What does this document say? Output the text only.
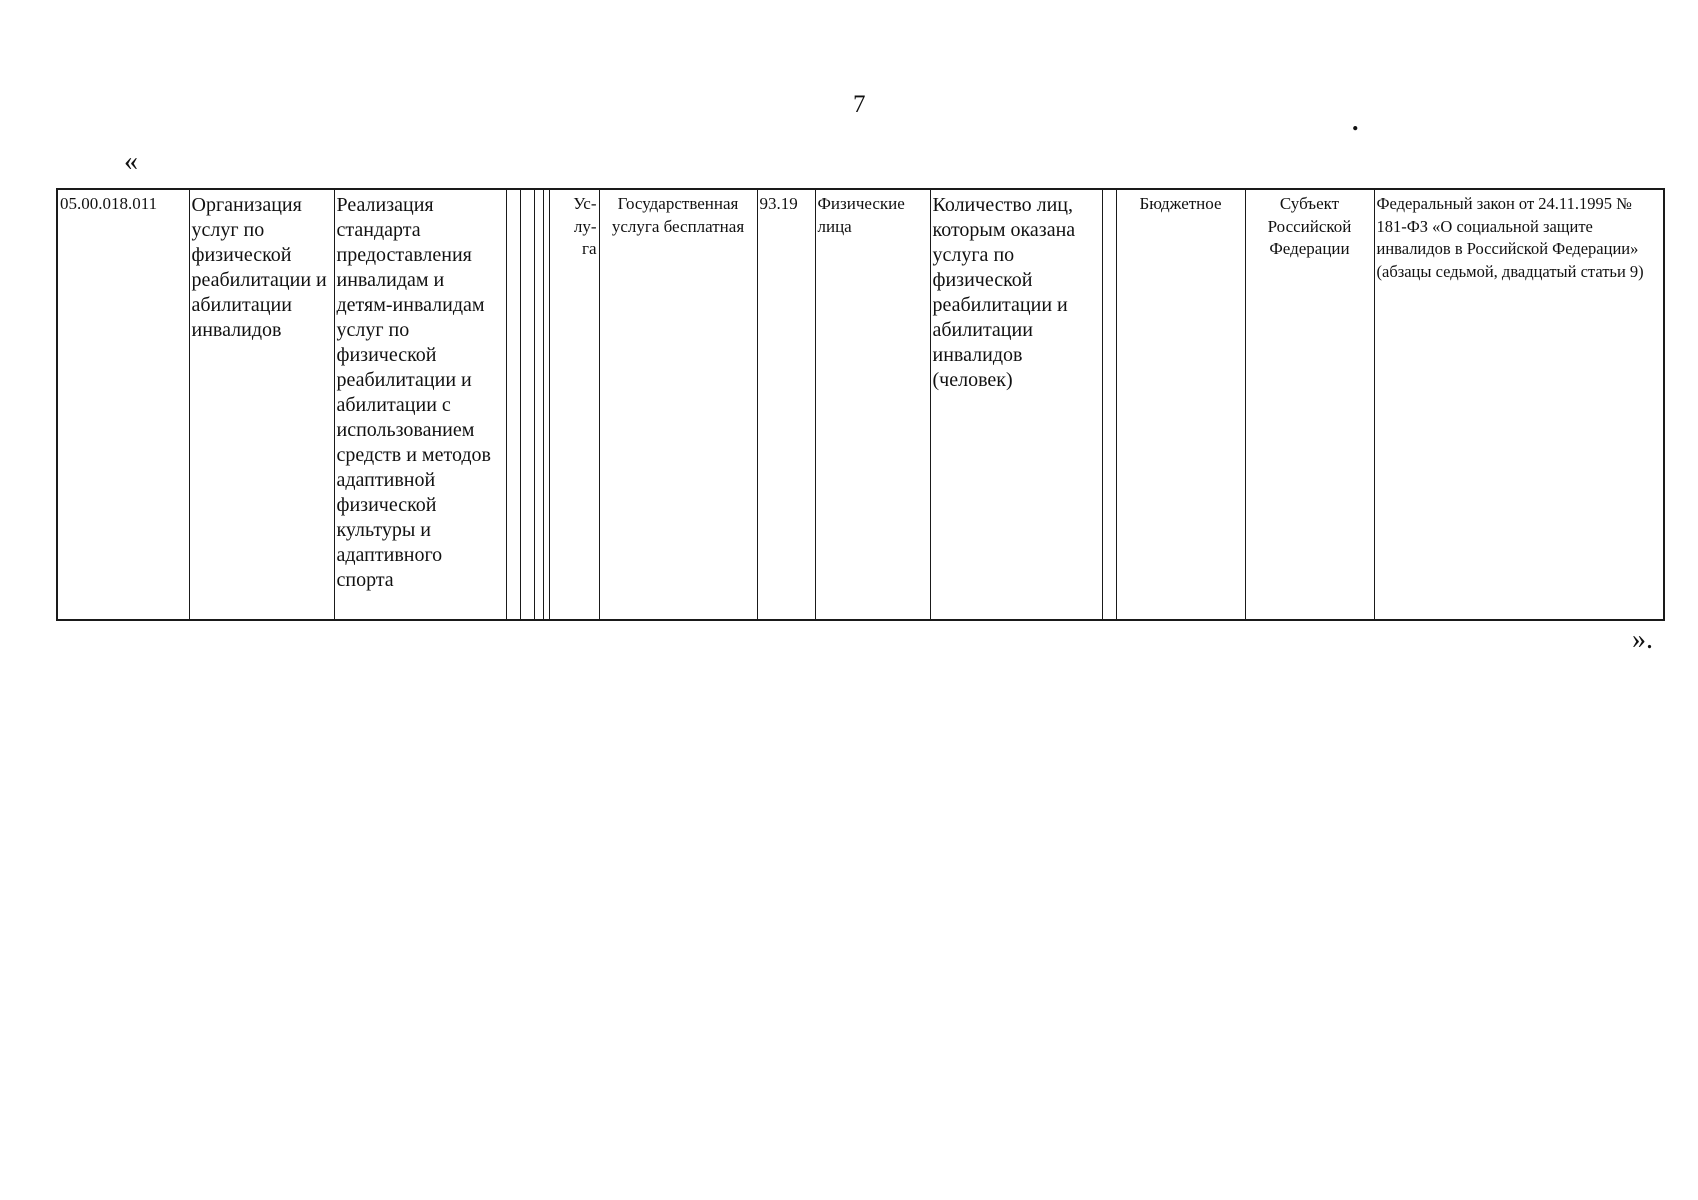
7
.
«
05.00.018.011	Организация услуг по физической реабилитации и абилитации инвалидов	Реализация стандарта предоставления инвалидам и детям-инвалидам услуг по физической реабилитации и абилитации с использованием средств и методов адаптивной физической культуры и адаптивного спорта					Ус-
лу-
га	Государственная услуга бесплатная	93.19	Физические лица	Количество лиц, которым оказана услуга по физической реабилитации и абилитации инвалидов (человек)		Бюджетное	Субъект Российской Федерации	Федеральный закон от 24.11.1995 № 181-ФЗ «О социальной защите инвалидов в Российской Федерации» (абзацы седьмой, двадцатый статьи 9)
».
